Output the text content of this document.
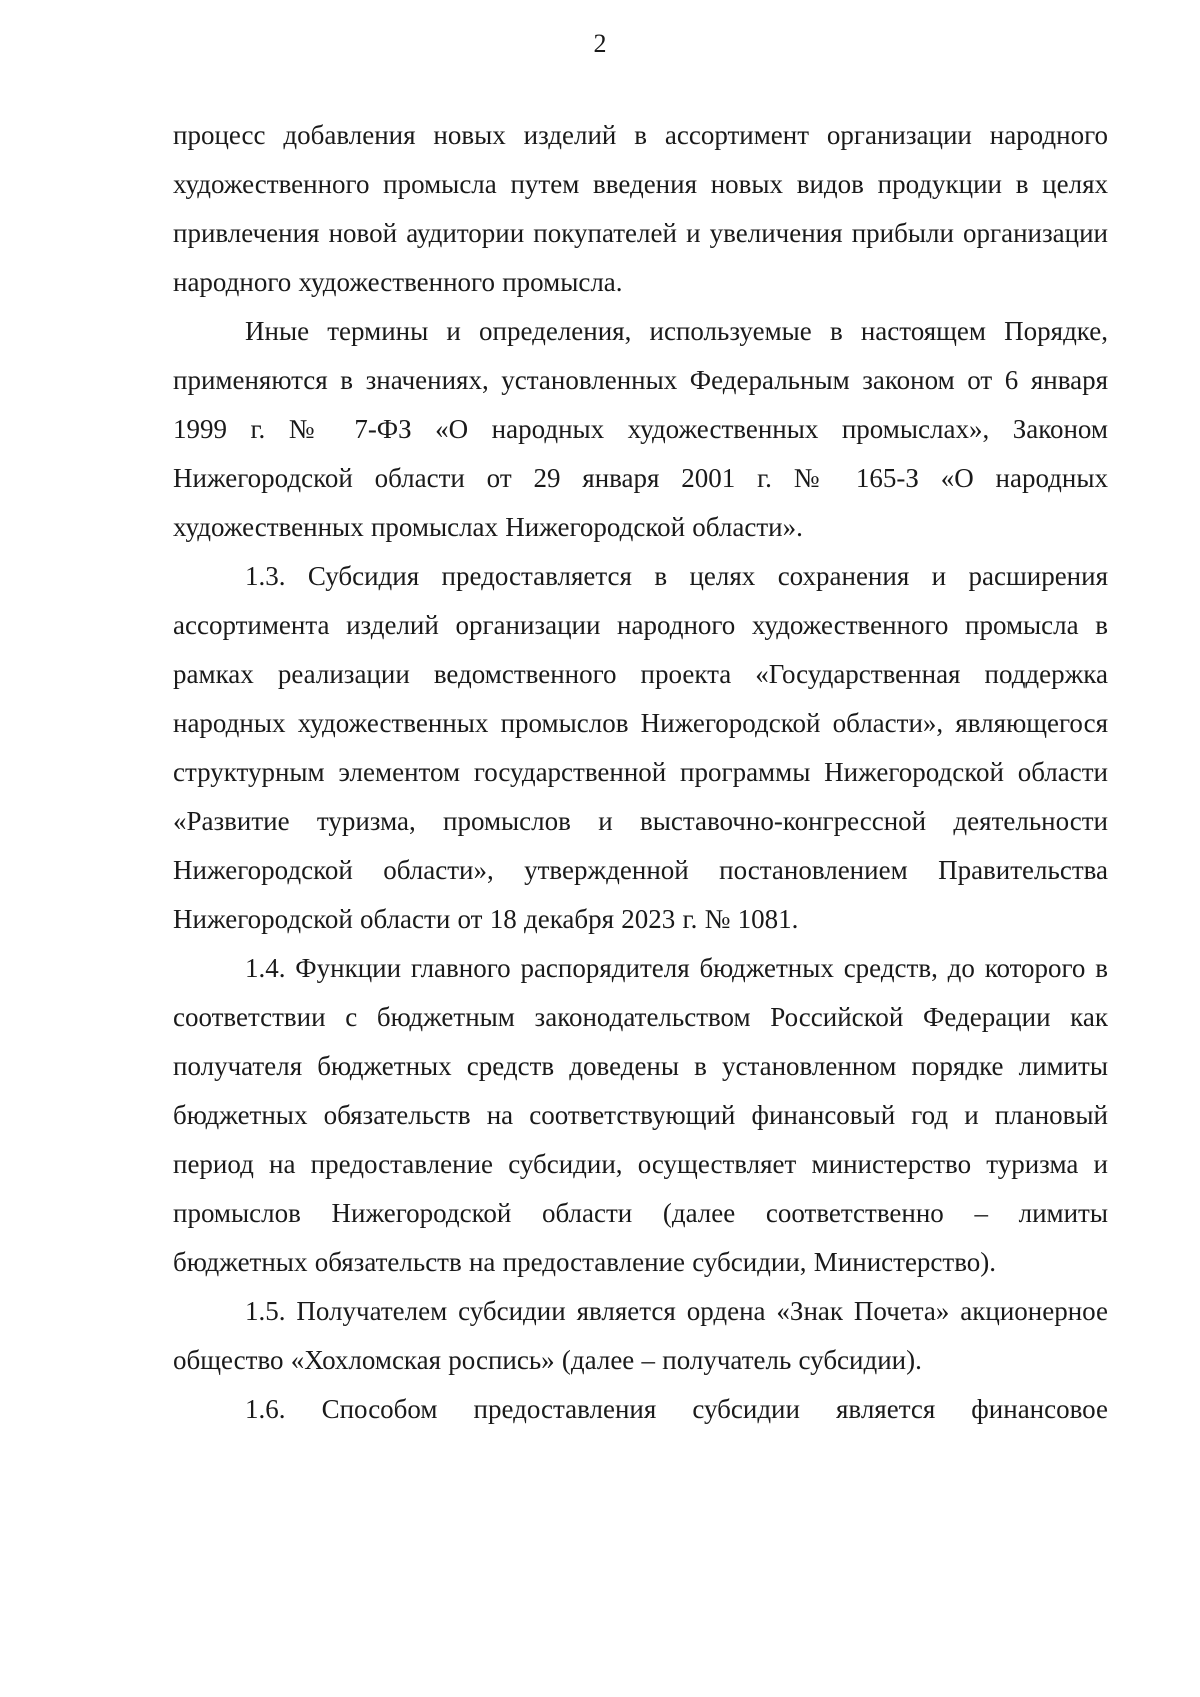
2

процесс добавления новых изделий в ассортимент организации народного художественного промысла путем введения новых видов продукции в целях привлечения новой аудитории покупателей и увеличения прибыли организации народного художественного промысла.

Иные термины и определения, используемые в настоящем Порядке, применяются в значениях, установленных Федеральным законом от 6 января 1999 г. № 7-ФЗ «О народных художественных промыслах», Законом Нижегородской области от 29 января 2001 г. № 165-З «О народных художественных промыслах Нижегородской области».

1.3. Субсидия предоставляется в целях сохранения и расширения ассортимента изделий организации народного художественного промысла в рамках реализации ведомственного проекта «Государственная поддержка народных художественных промыслов Нижегородской области», являющегося структурным элементом государственной программы Нижегородской области «Развитие туризма, промыслов и выставочно-конгрессной деятельности Нижегородской области», утвержденной постановлением Правительства Нижегородской области от 18 декабря 2023 г. № 1081.

1.4. Функции главного распорядителя бюджетных средств, до которого в соответствии с бюджетным законодательством Российской Федерации как получателя бюджетных средств доведены в установленном порядке лимиты бюджетных обязательств на соответствующий финансовый год и плановый период на предоставление субсидии, осуществляет министерство туризма и промыслов Нижегородской области (далее соответственно – лимиты бюджетных обязательств на предоставление субсидии, Министерство).

1.5. Получателем субсидии является ордена «Знак Почета» акционерное общество «Хохломская роспись» (далее – получатель субсидии).

1.6. Способом предоставления субсидии является финансовое
